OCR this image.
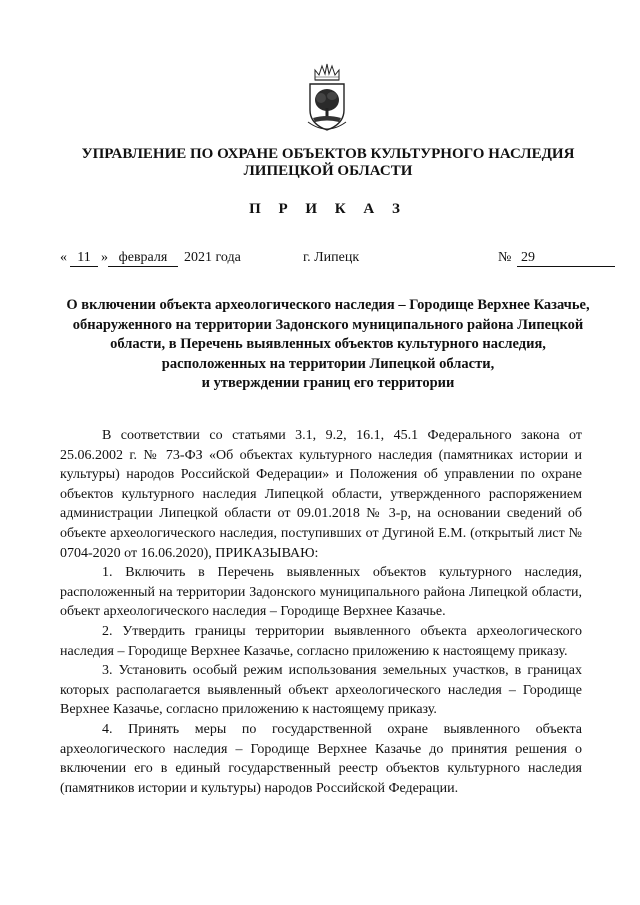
УПРАВЛЕНИЕ ПО ОХРАНЕ ОБЪЕКТОВ КУЛЬТУРНОГО НАСЛЕДИЯ
ЛИПЕЦКОЙ ОБЛАСТИ
П Р И К А З
« 11 » февраля	2021 года	г. Липецк	№ 29
О включении объекта археологического наследия – Городище Верхнее Казачье,
обнаруженного на территории Задонского муниципального района Липецкой
области, в Перечень выявленных объектов культурного наследия,
расположенных на территории Липецкой области,
и утверждении границ его территории

В соответствии со статьями 3.1, 9.2, 16.1, 45.1 Федерального закона от 25.06.2002 г. № 73-ФЗ «Об объектах культурного наследия (памятниках истории и культуры) народов Российской Федерации» и Положения об управлении по охране объектов культурного наследия Липецкой области, утвержденного распоряжением администрации Липецкой области от 09.01.2018 № 3-р, на основании сведений об объекте археологического наследия, поступивших от Дугиной Е.М. (открытый лист № 0704-2020 от 16.06.2020), ПРИКАЗЫВАЮ:

1. Включить в Перечень выявленных объектов культурного наследия, расположенный на территории Задонского муниципального района Липецкой области, объект археологического наследия – Городище Верхнее Казачье.

2. Утвердить границы территории выявленного объекта археологического наследия – Городище Верхнее Казачье, согласно приложению к настоящему приказу.

3. Установить особый режим использования земельных участков, в границах которых располагается выявленный объект археологического наследия – Городище Верхнее Казачье, согласно приложению к настоящему приказу.

4. Принять меры по государственной охране выявленного объекта археологического наследия – Городище Верхнее Казачье до принятия решения о включении его в единый государственный реестр объектов культурного наследия (памятников истории и культуры) народов Российской Федерации.
